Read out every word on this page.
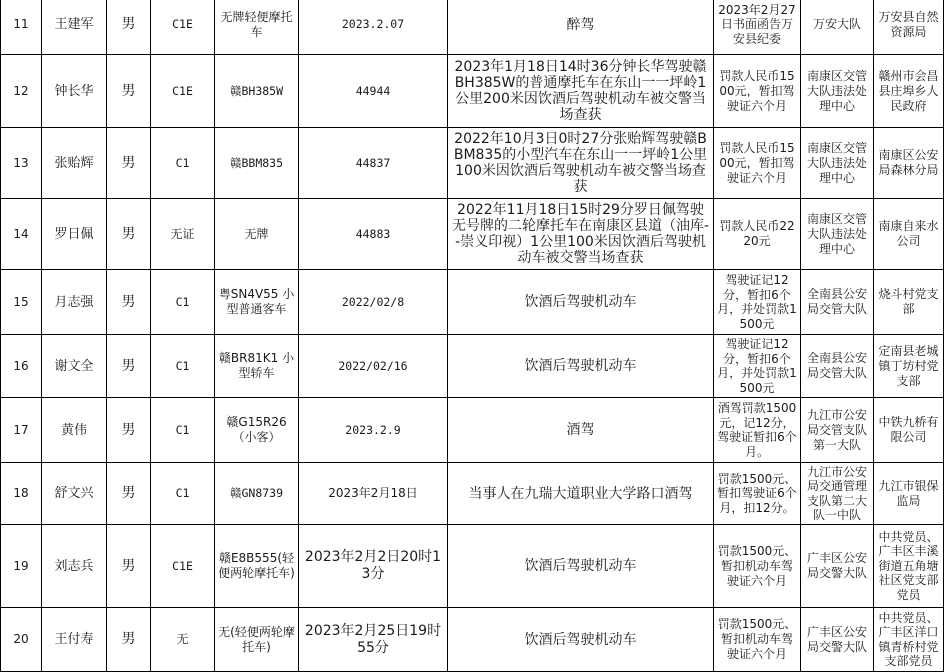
11	王建军	男	C1E	无牌轻便摩托车	2023.2.07	醉驾	2023年2月27日书面函告万安县纪委	万安大队	万安县自然资源局
12	钟长华	男	C1E	赣BH385W	44944	2023年1月18日14时36分钟长华驾驶赣BH385W的普通摩托车在东山一一坪岭1公里200米因饮酒后驾驶机动车被交警当场查获	罚款人民币1500元，暂扣驾驶证六个月	南康区交管大队违法处理中心	赣州市会昌县庄埠乡人民政府
13	张贻辉	男	C1	赣BBM835	44837	2022年10月3日0时27分张贻辉驾驶赣BBM835的小型汽车在东山一一坪岭1公里100米因饮酒后驾驶机动车被交警当场查获	罚款人民币1500元，暂扣驾驶证六个月	南康区交管大队违法处理中心	南康区公安局森林分局
14	罗日佩	男	无证	无牌	44883	2022年11月18日15时29分罗日佩驾驶无号牌的二轮摩托车在南康区县道（油库--崇义印视）1公里100米因饮酒后驾驶机动车被交警当场查获	罚款人民币2220元	南康区交管大队违法处理中心	南康自来水公司
15	月志强	男	C1	粤SN4V55 小型普通客车	2022/02/8	饮酒后驾驶机动车	驾驶证记12分，暂扣6个月，并处罚款1500元	全南县公安局交管大队	烧斗村党支部
16	谢文全	男	C1	赣BR81K1 小型轿车	2022/02/16	饮酒后驾驶机动车	驾驶证记12分，暂扣6个月，并处罚款1500元	全南县公安局交管大队	定南县老城镇丁坊村党支部
17	黄伟	男	C1	赣G15R26（小客）	2023.2.9	酒驾	酒驾罚款1500元，记12分，驾驶证暂扣6个月。	九江市公安局交管支队第一大队	中铁九桥有限公司
18	舒文兴	男	C1	赣GN8739	2023年2月18日	当事人在九瑞大道职业大学路口酒驾	罚款1500元、暂扣驾驶证6个月，扣12分。	九江市公安局交通管理支队第二大队一中队	九江市银保监局
19	刘志兵	男	C1E	赣E8B555(轻便两轮摩托车)	2023年2月2日20时13分	饮酒后驾驶机动车	罚款1500元、暂扣机动车驾驶证六个月	广丰区公安局交警大队	中共党员、广丰区丰溪街道五角塘社区党支部党员
20	王付寿	男	无	无(轻便两轮摩托车)	2023年2月25日19时55分	饮酒后驾驶机动车	罚款1500元、暂扣机动车驾驶证六个月	广丰区公安局交警大队	中共党员、广丰区洋口镇青桥村党支部党员
